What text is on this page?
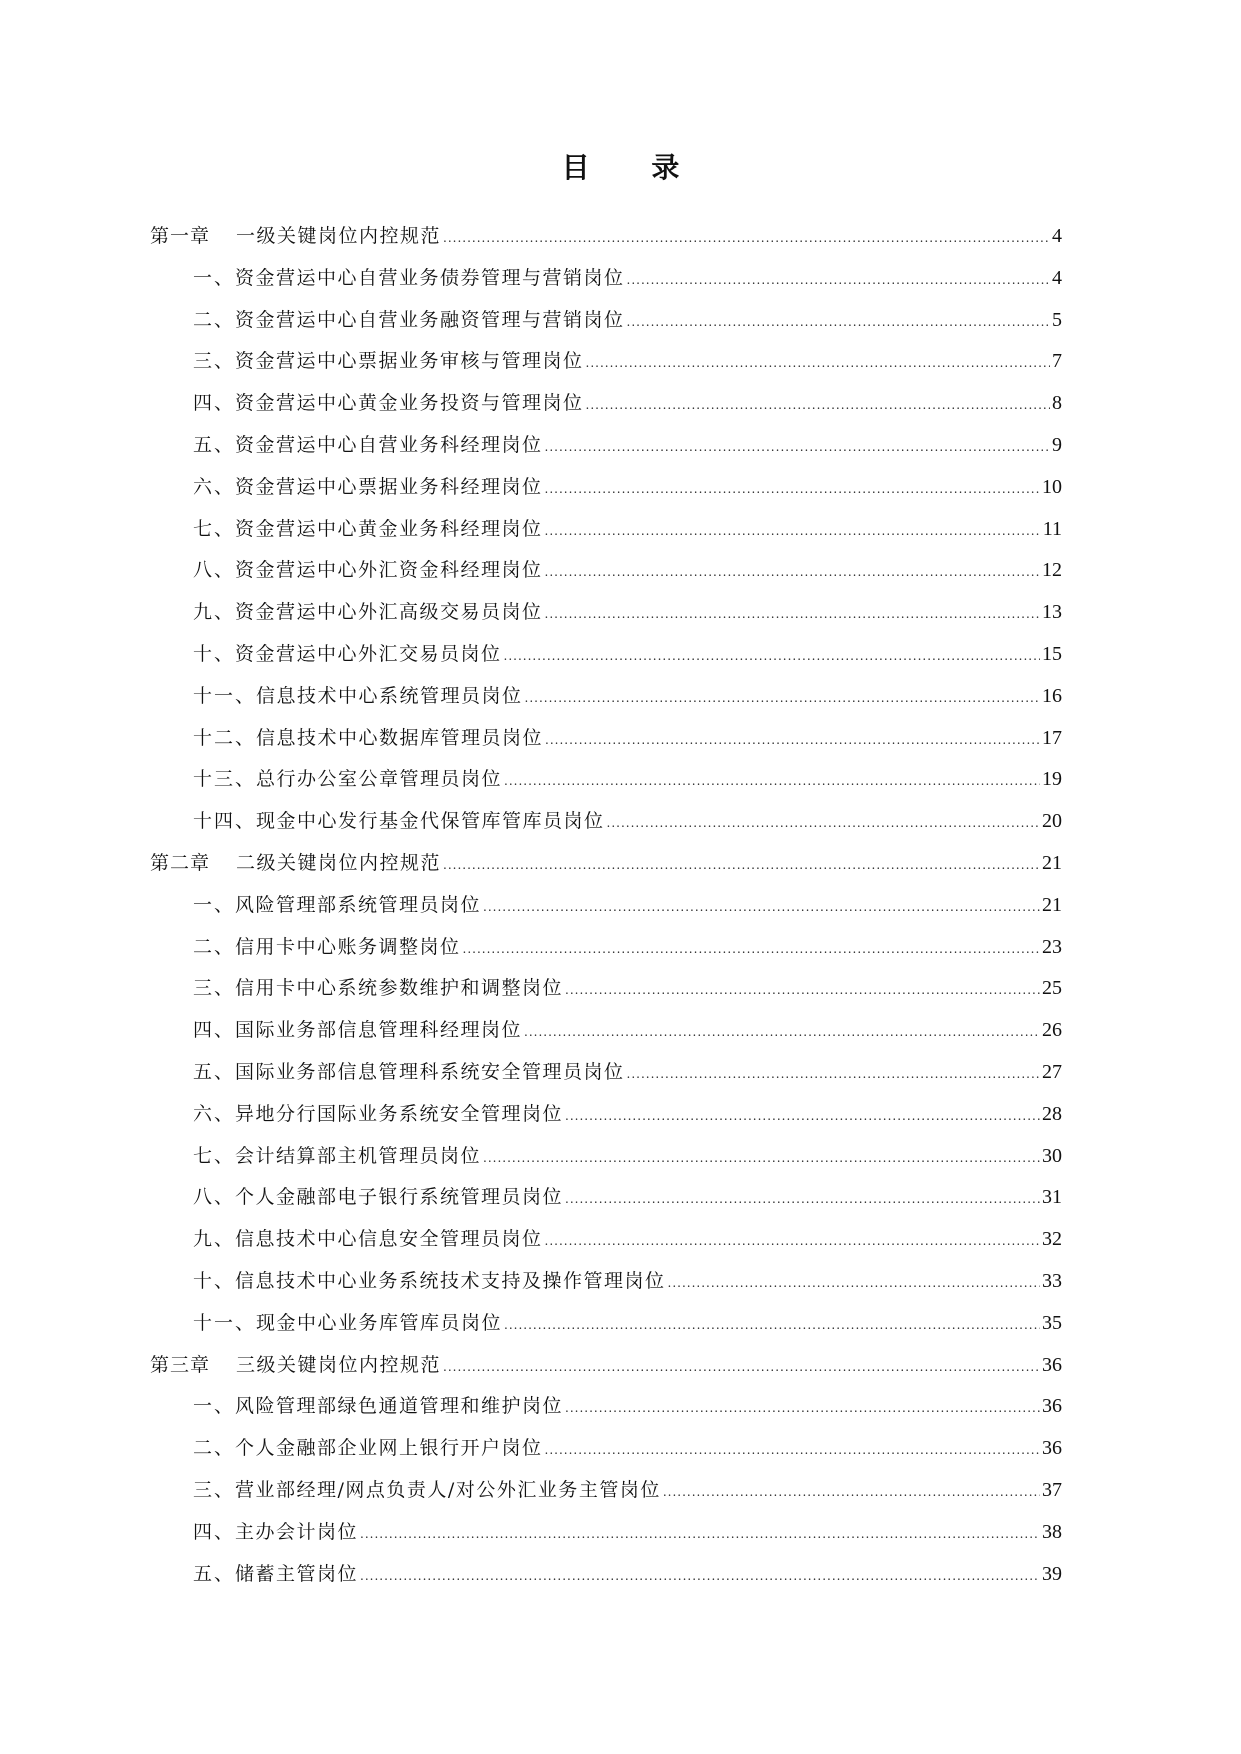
目 录
第一章	一级关键岗位内控规范 .....	4
一、 资金营运中心自营业务债券管理与营销岗位 .....	4
二、 资金营运中心自营业务融资管理与营销岗位 .....	5
三、 资金营运中心票据业务审核与管理岗位 .....	7
四、 资金营运中心黄金业务投资与管理岗位 .....	8
五、 资金营运中心自营业务科经理岗位 .....	9
六、 资金营运中心票据业务科经理岗位 .....	10
七、 资金营运中心黄金业务科经理岗位 .....	11
八、 资金营运中心外汇资金科经理岗位 .....	12
九、 资金营运中心外汇高级交易员岗位 .....	13
十、 资金营运中心外汇交易员岗位 .....	15
十一、 信息技术中心系统管理员岗位 .....	16
十二、 信息技术中心数据库管理员岗位 .....	17
十三、 总行办公室公章管理员岗位 .....	19
十四、 现金中心发行基金代保管库管库员岗位 .....	20
第二章	二级关键岗位内控规范 .....	21
一、 风险管理部系统管理员岗位 .....	21
二、 信用卡中心账务调整岗位 .....	23
三、 信用卡中心系统参数维护和调整岗位 .....	25
四、 国际业务部信息管理科经理岗位 .....	26
五、 国际业务部信息管理科系统安全管理员岗位 .....	27
六、 异地分行国际业务系统安全管理岗位 .....	28
七、 会计结算部主机管理员岗位 .....	30
八、 个人金融部电子银行系统管理员岗位 .....	31
九、 信息技术中心信息安全管理员岗位 .....	32
十、 信息技术中心业务系统技术支持及操作管理岗位 .....	33
十一、 现金中心业务库管库员岗位 .....	35
第三章	三级关键岗位内控规范 .....	36
一、 风险管理部绿色通道管理和维护岗位 .....	36
二、 个人金融部企业网上银行开户岗位 .....	36
三、 营业部经理/网点负责人/对公外汇业务主管岗位 .....	37
四、 主办会计岗位 .....	38
五、 储蓄主管岗位 .....	39
